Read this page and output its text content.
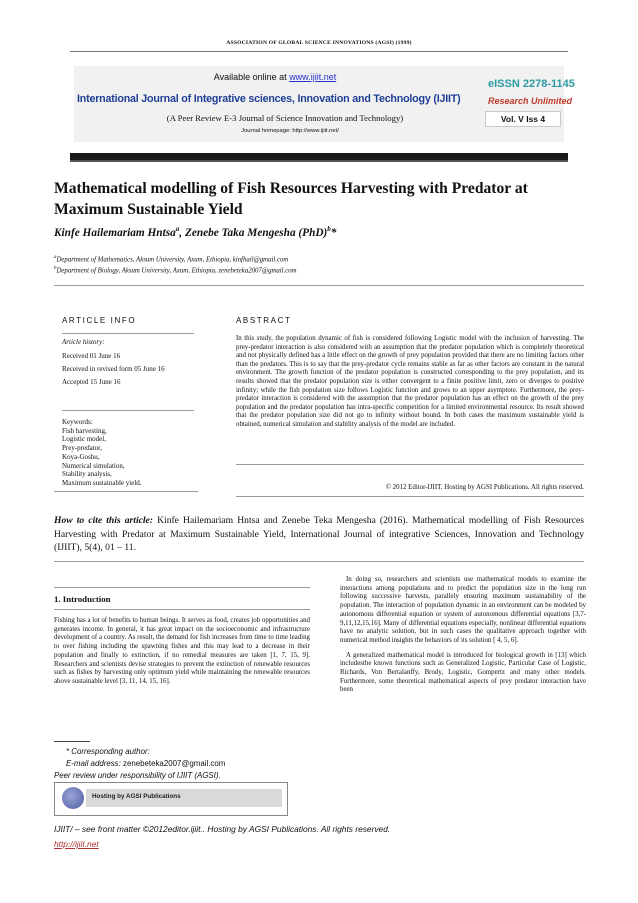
ASSOCIATION OF GLOBAL SCIENCE INNOVATIONS (AGSI) (1999)
Available online at www.ijiit.net
International Journal of Integrative sciences, Innovation and Technology (IJIIT)
(A Peer Review E-3 Journal of Science Innovation and Technology)
Journal homepage: http://www.ijiit.net/
eISSN 2278-1145
Research Unlimited
Vol. V Iss 4
Mathematical modelling of Fish Resources Harvesting with Predator at Maximum Sustainable Yield
Kinfe Hailemariam Hntsa$^a$, Zenebe Taka Mengesha (PhD)$^b$*
$^a$Department of Mathematics, Aksum University, Axum, Ethiopia, kinfhail@gmail.com
$^b$Department of Biology, Aksum University, Axum, Ethiopia, zenebeteka2007@gmail.com
ARTICLE INFO
Article history:
Received 01 June 16
Received in revised form 05 June 16
Accepted 15 June 16
Keywords:
Fish harvesting,
Logistic model,
Prey-predator,
Koya-Goshu,
Numerical simulation,
Stability analysis,
Maximum sustainable yield.
ABSTRACT
In this study, the population dynamic of fish is considered following Logistic model with the inclusion of harvesting. The prey-predator interaction is also considered with an assumption that the predator population which is completely theoretical and not physically defined has a little effect on the growth of prey population provided that there are no limiting factors other than the predators. This is to say that the prey-predator cycle remains stable as far as other factors are constant in the natural environment. The growth function of the predator population is constructed corresponding to the prey population, and its results showed that the predator population size is either convergent to a finite positive limit, zero or diverges to positive infinity; while the fish population size follows Logistic function and grows to an upper asymptote. Furthermore, the prey-predator interaction is considered with the assumption that the predator population has an effect on the growth of the prey population and the predator population has intra-specific competition for a limited environmental resource. Its result showed that the predator population size did not go to infinity without bound. In both cases the maximum sustainable yield is obtained, numerical simulation and stability analysis of the model are included.
© 2012 Editor-IJIIT. Hosting by AGSI Publications. All rights reserved.
How to cite this article: Kinfe Hailemariam Hntsa and Zenebe Teka Mengesha (2016). Mathematical modelling of Fish Resources Harvesting with Predator at Maximum Sustainable Yield, International Journal of integrative Sciences, Innovation and Technology (IJIIT), 5(4), 01 – 11.
1. Introduction
Fishing has a lot of benefits to human beings. It serves as food, creates job opportunities and generates income. In general, it has great impact on the socioeconomic and infrastructure development of a country. As result, the demand for fish increases from time to time leading to over fishing including the spawning fishes and this may lead to a decrease in their population and finally to extinction, if no remedial measures are taken [1, 7, 15, 9]. Researchers and scientists devise strategies to prevent the extinction of renewable resources such as fishes by harvesting only optimum yield while maintaining the renewable resources above sustainable level [3, 11, 14, 15, 16].

In doing so, researchers and scientists use mathematical models to examine the interactions among populations and to predict the population size in the long run following successive harvests, parallely ensuring maximum sustainability of the population. The interaction of population dynamic in an environment can be modeled by autonomous differential equation or system of autonomous differential equations [3,7-9,11,12,15,16]. Many of differential equations especially, nonlinear differential equations have no analytic solution, but in such cases the qualitative approach together with numerical method insights the behaviors of its solution [ 4, 5, 6].

A generalized mathematical model is introduced for biological growth in [13] which includesthe known functions such as Generalized Logistic, Particular Case of Logistic, Richards, Von Bertalanffy, Brody, Logistic, Gompertz and many other models. Furthermore, some theoretical mathematical aspects of prey predator interaction have been

* Corresponding author:
E-mail address: zenebeteka2007@gmail.com
Peer review under responsibility of IJIIT (AGSI).
Hosting by AGSI Publications
IJIIT/ – see front matter ©2012editor.ijiit.. Hosting by AGSI Publications. All rights reserved.
http://ijiit.net
